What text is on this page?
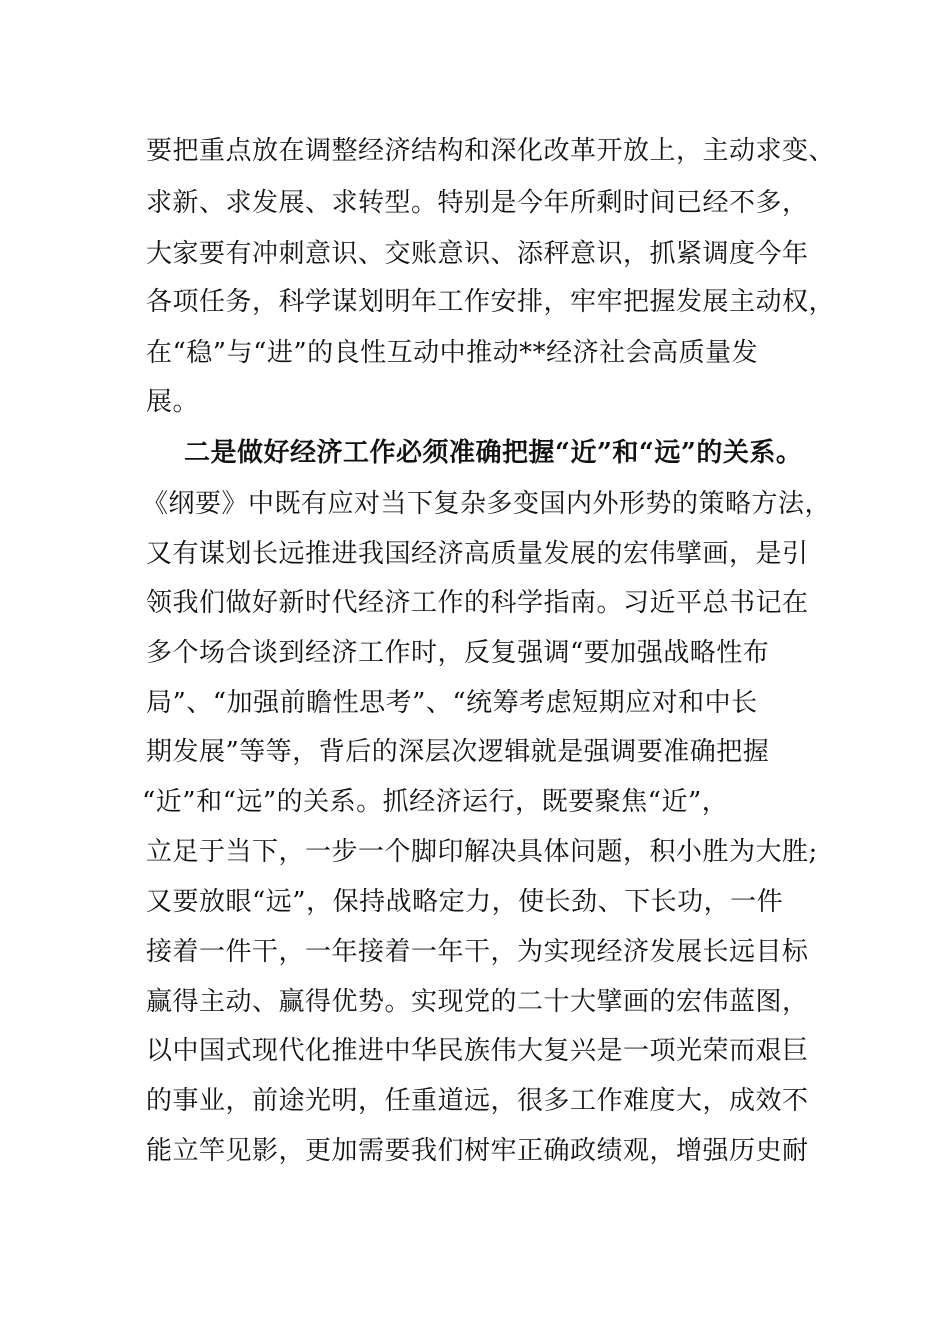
要把重点放在调整经济结构和深化改革开放上，主动求变、
求新、求发展、求转型。特别是今年所剩时间已经不多，
大家要有冲刺意识、交账意识、添秤意识，抓紧调度今年
各项任务，科学谋划明年工作安排，牢牢把握发展主动权，
在“稳”与“进”的良性互动中推动**经济社会高质量发
展。
二是做好经济工作必须准确把握“近”和“远”的关系。
《纲要》中既有应对当下复杂多变国内外形势的策略方法，
又有谋划长远推进我国经济高质量发展的宏伟擘画，是引
领我们做好新时代经济工作的科学指南。习近平总书记在
多个场合谈到经济工作时，反复强调“要加强战略性布
局”、“加强前瞻性思考”、“统筹考虑短期应对和中长
期发展”等等，背后的深层次逻辑就是强调要准确把握
“近”和“远”的关系。抓经济运行，既要聚焦“近”，
立足于当下，一步一个脚印解决具体问题，积小胜为大胜;
又要放眼“远”，保持战略定力，使长劲、下长功，一件
接着一件干，一年接着一年干，为实现经济发展长远目标
赢得主动、赢得优势。实现党的二十大擘画的宏伟蓝图，
以中国式现代化推进中华民族伟大复兴是一项光荣而艰巨
的事业，前途光明，任重道远，很多工作难度大，成效不
能立竿见影，更加需要我们树牢正确政绩观，增强历史耐
